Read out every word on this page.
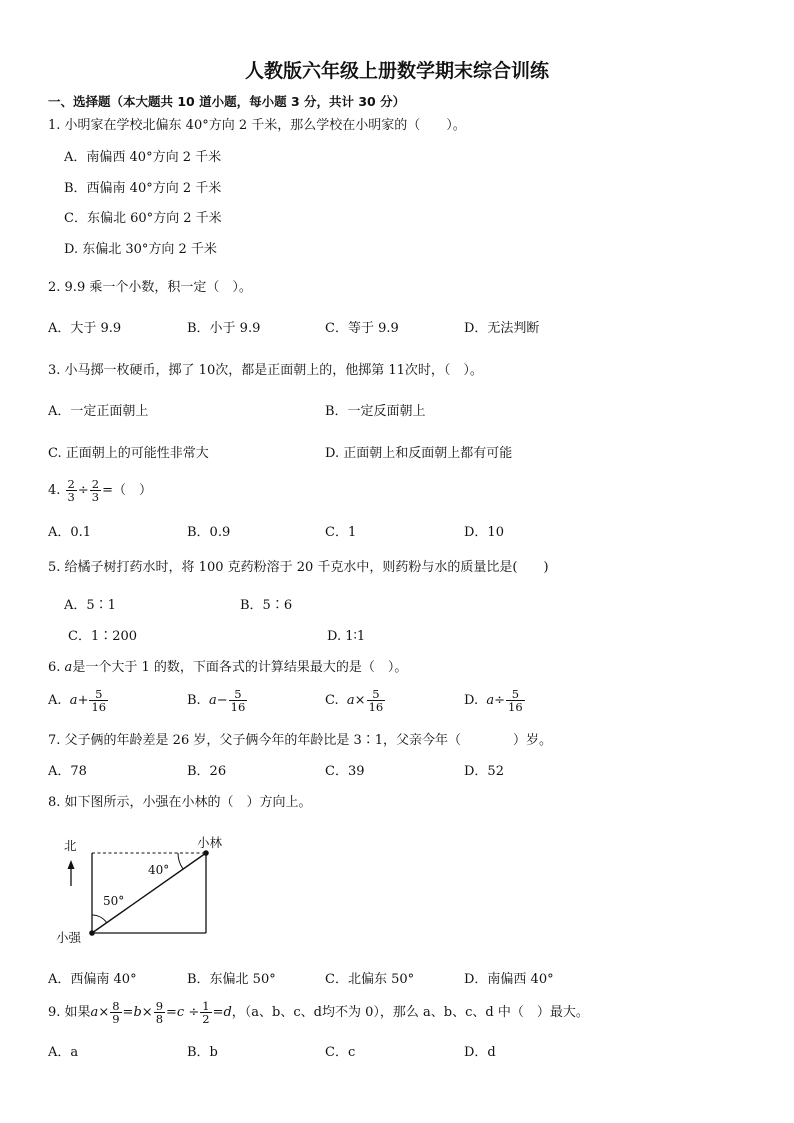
人教版六年级上册数学期末综合训练
一、选择题（本大题共 10 道小题，每小题 3 分，共计 30 分）
1. 小明家在学校北偏东 40°方向 2 千米，那么学校在小明家的（　　）。
A．南偏西 40°方向 2 千米
B．西偏南 40°方向 2 千米
C．东偏北 60°方向 2 千米
D. 东偏北 30°方向 2 千米
2. 9.9 乘一个小数，积一定（　）。
A．大于 9.9	B．小于 9.9	C．等于 9.9	D．无法判断
3. 小马掷一枚硬币，掷了 10次，都是正面朝上的，他掷第 11次时，（　）。
A．一定正面朝上	B．一定反面朝上
C. 正面朝上的可能性非常大	D. 正面朝上和反面朝上都有可能
4.
$\frac{2}{3} \div \frac{2}{3}$ =（　）
A．0.1	B．0.9	C．1	D．10
5. 给橘子树打药水时，将 100 克药粉溶于 20 千克水中，则药粉与水的质量比是(　　)
A．5∶1	B．5∶6
C．1∶200	D. 1∶1
6.
a 是一个大于 1 的数，下面各式的计算结果最大的是（　）。
A.
$a + \frac{5}{16}$	B.
$a - \frac{5}{16}$	C.
$a \times \frac{5}{16}$	D.
$a \div \frac{5}{16}$
7. 父子俩的年龄差是 26 岁，父子俩今年的年龄比是 3∶1，父亲今年（　　　　）岁。
A．78	B．26	C．39	D．52
8. 如下图所示，小强在小林的（　）方向上。
北	小林
小强
40°
50°
A．西偏南 40°	B．东偏北 50°	C．北偏东 50°	D．南偏西 40°
9. 如果 $a \times \frac{8}{9} = b \times \frac{9}{8} = c \div \frac{1}{2} = d$ ，（a、b、c、d均不为 0），那么 a、b、c、d 中（　）最大。
A．a	B．b	C．c	D．d
